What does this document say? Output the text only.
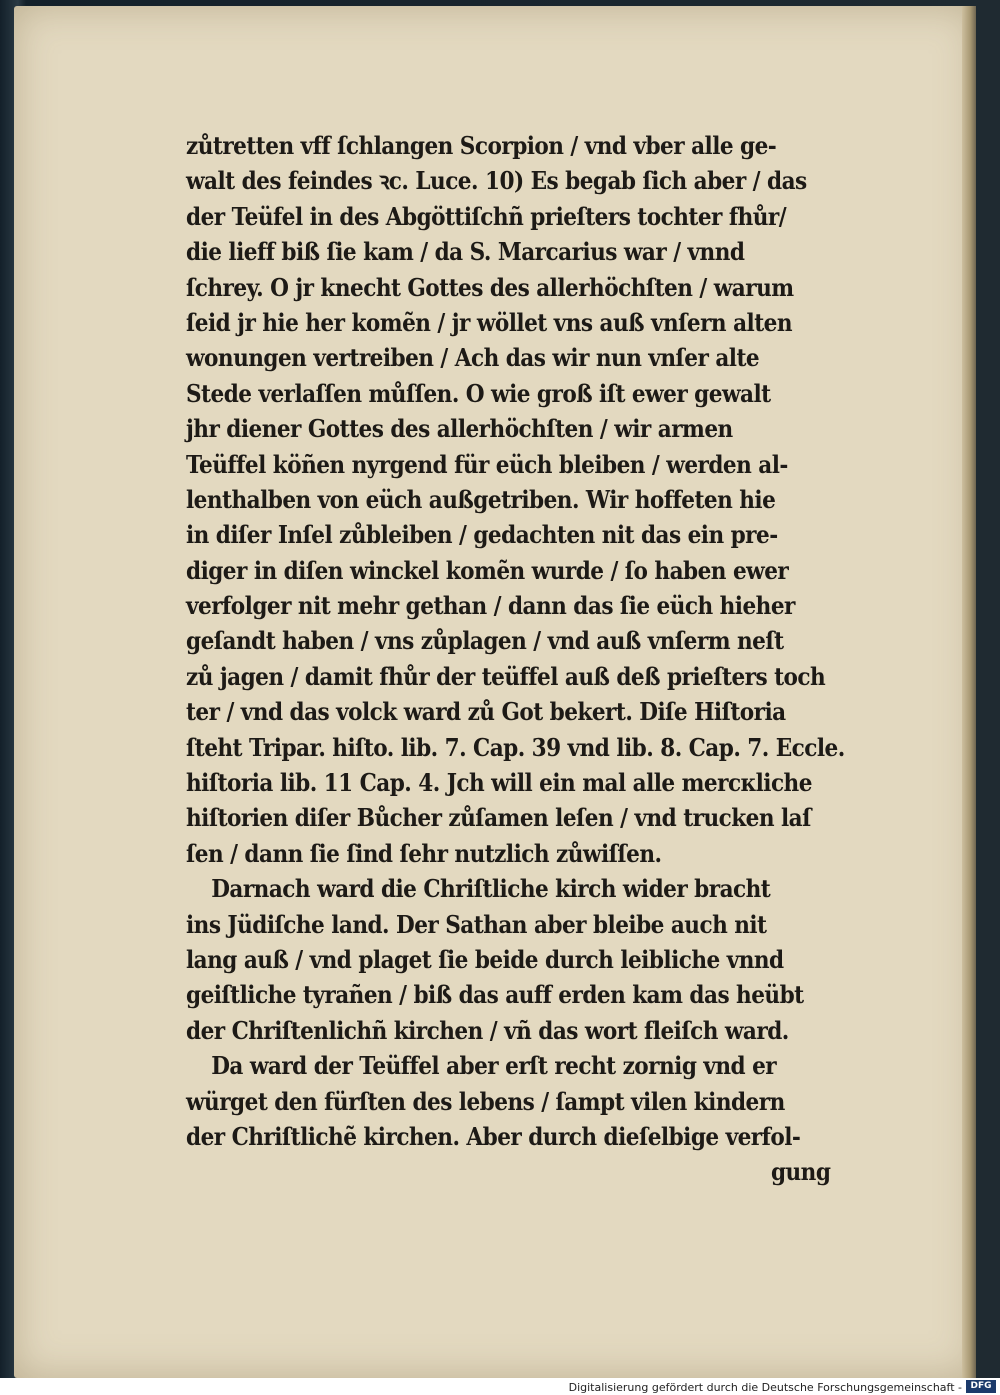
zůtretten vff ſchlangen Scorpion / vnd vber alle ge-
walt des feindes ꝛc. Luce. 10) Es begab ſich aber / das
der Teüfel in des Abgöttiſchñ prieſters tochter fhůr/
die lieff biß ſie kam / da S. Marcarius war / vnnd
ſchrey. O jr knecht Gottes des allerhöchſten / warum
ſeid jr hie her komẽn / jr wöllet vns auß vnſern alten
wonungen vertreiben / Ach das wir nun vnſer alte
Stede verlaſſen můſſen. O wie groß iſt ewer gewalt
jhr diener Gottes des allerhöchſten / wir armen
Teüffel köñen nyrgend für eüch bleiben / werden al-
lenthalben von eüch außgetriben. Wir hoffeten hie
in diſer Inſel zůbleiben / gedachten nit das ein pre-
diger in diſen winckel komẽn wurde / ſo haben ewer
verfolger nit mehr gethan / dann das ſie eüch hieher
geſandt haben / vns zůplagen / vnd auß vnſerm neſt
zů jagen / damit fhůr der teüffel auß deß prieſters toch
ter / vnd das volck ward zů Got bekert. Diſe Hiſtoria
ſteht Tripar. hiſto. lib. 7. Cap. 39 vnd lib. 8. Cap. 7. Eccle.
hiſtoria lib. 11 Cap. 4. Jch will ein mal alle mercкliche
hiſtorien diſer Bůcher zůſamen leſen / vnd trucken laſ
ſen / dann ſie ſind ſehr nutzlich zůwiſſen.
Darnach ward die Chriſtliche kirch wider bracht
ins Jüdiſche land. Der Sathan aber bleibe auch nit
lang auß / vnd plaget ſie beide durch leibliche vnnd
geiſtliche tyrañen / biß das auff erden kam das heübt
der Chriſtenlichñ kirchen / vñ das wort fleiſch ward.
Da ward der Teüffel aber erſt recht zornig vnd er
würget den fürſten des lebens / ſampt vilen kindern
der Chriſtlichẽ kirchen. Aber durch dieſelbige verfol-
gung
Digitalisierung gefördert durch die Deutsche Forschungsgemeinschaft - DFG
